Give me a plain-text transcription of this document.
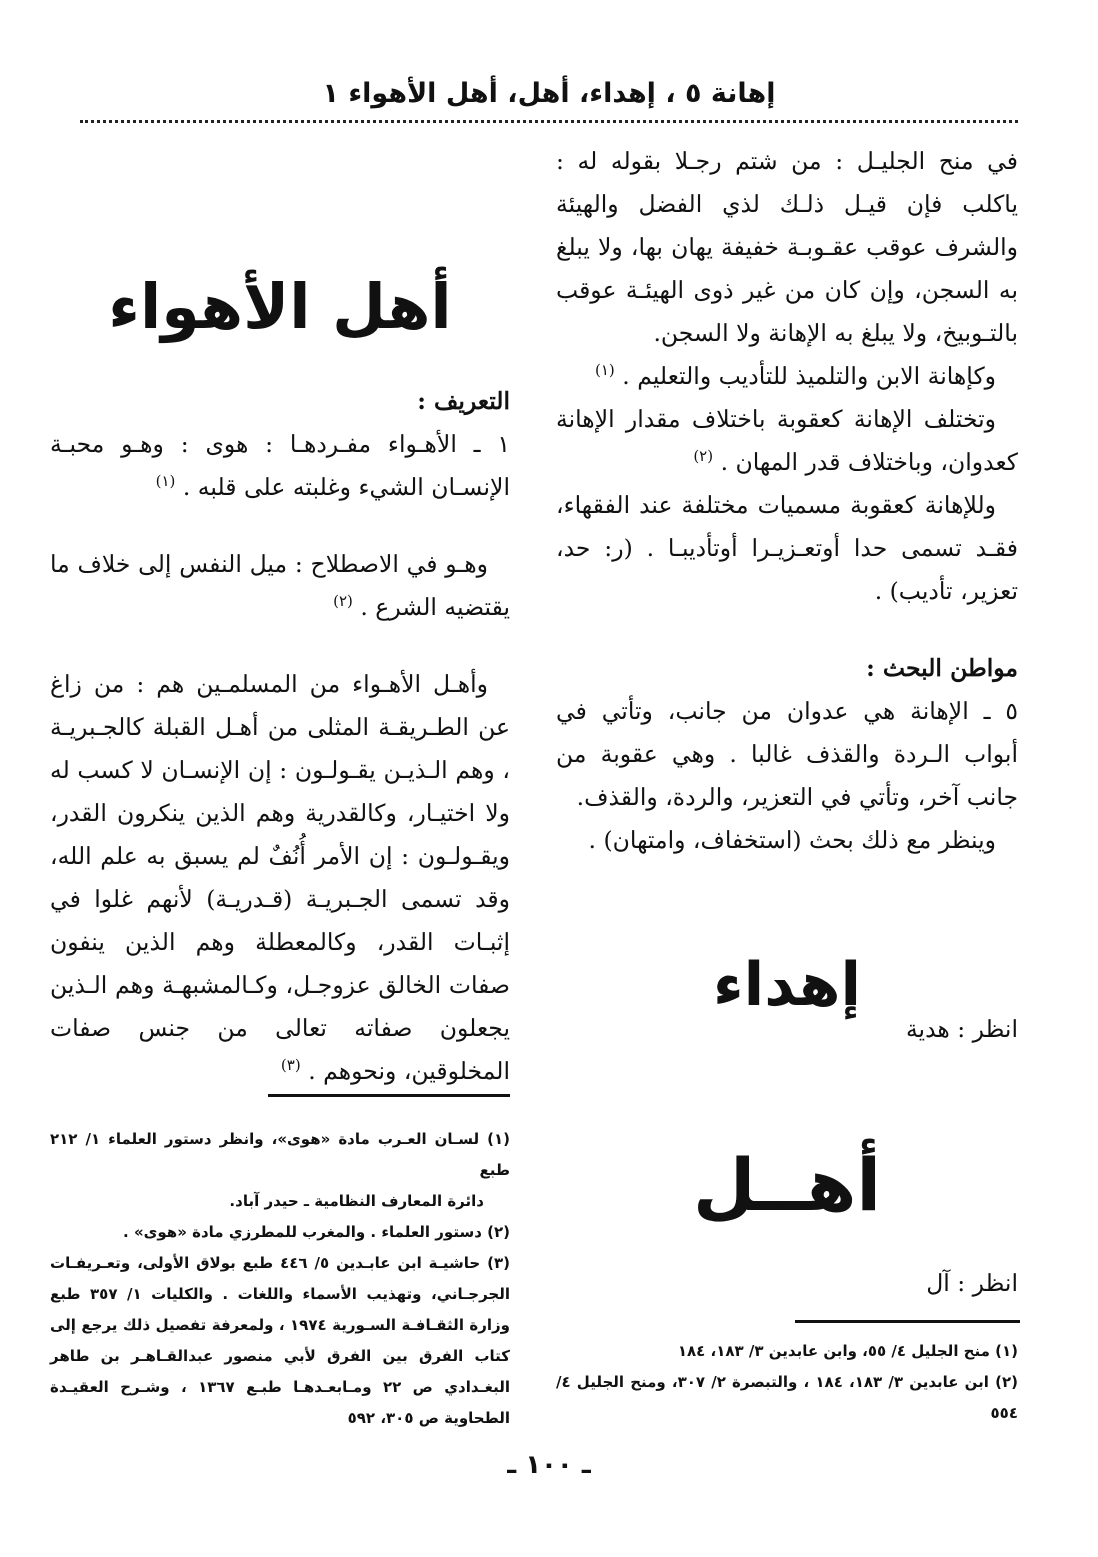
إهانة ٥ ، إهداء، أهل، أهل الأهواء ١

في منح الجليـل : من شتم رجـلا بقوله له : ياكلب فإن قيـل ذلـك لذي الفضل والهيئة والشرف عوقب عقـوبـة خفيفة يهان بها، ولا يبلغ به السجن، وإن كان من غير ذوى الهيئـة عوقب بالتـوبيخ، ولا يبلغ به الإهانة ولا السجن.

وكإهانة الابن والتلميذ للتأديب والتعليم . $^{(١)}$

وتختلف الإهانة كعقوبة باختلاف مقدار الإهانة كعدوان، وباختلاف قدر المهان . $^{(٢)}$

وللإهانة كعقوبة مسميات مختلفة عند الفقهاء، فقـد تسمى حدا أوتعـزيـرا أوتأديبـا . (ر: حد، تعزير، تأديب) .

مواطن البحث :

٥ ـ الإهانة هي عدوان من جانب، وتأتي في أبواب الـردة والقذف غالبا . وهي عقوبة من جانب آخر، وتأتي في التعزير، والردة، والقذف.

وينظر مع ذلك بحث (استخفاف، وامتهان) .

إهداء
انظر : هدية
أهــل
انظر : آل

(١) منح الجليل ٤/ ٥٥، وابن عابدين ٣/ ١٨٣، ١٨٤

(٢) ابن عابدين ٣/ ١٨٣، ١٨٤ ، والتبصرة ٢/ ٣٠٧، ومنح الجليل ٤/ ٥٥٤

أهل الأهواء

التعريف :

١ ـ الأهـواء مفـردهـا : هوى : وهـو محبـة الإنسـان الشيء وغلبته على قلبه . $^{(١)}$

وهـو في الاصطلاح : ميل النفس إلى خلاف ما يقتضيه الشرع . $^{(٢)}$

وأهـل الأهـواء من المسلمـين هم : من زاغ عن الطـريقـة المثلى من أهـل القبلة كالجـبريـة ، وهم الـذيـن يقـولـون : إن الإنسـان لا كسب له ولا اختيـار، وكالقدرية وهم الذين ينكرون القدر، ويقـولـون : إن الأمر أُنُفٌ لم يسبق به علم الله، وقد تسمى الجـبريـة (قـدريـة) لأنهم غلوا في إثبـات القدر، وكالمعطلة وهم الذين ينفون صفات الخالق عزوجـل، وكـالمشبهـة وهم الـذين يجعلون صفاته تعالى من جنس صفات المخلوقين، ونحوهم . $^{(٣)}$

(١) لسـان العـرب مادة «هوى»، وانظر دستور العلماء ١/ ٢١٢ طبع

دائرة المعارف النظامية ـ حيدر آباد.

(٢) دستور العلماء . والمغرب للمطرزي مادة «هوى» .

(٣) حاشيـة ابن عابـدين ٥/ ٤٤٦ طبع بولاق الأولى، وتعـريفـات الجرجـاني، وتهذيب الأسماء واللغات . والكليات ١/ ٣٥٧ طبع وزارة الثقـافـة السـورية ١٩٧٤ ، ولمعرفة تفصيل ذلك يرجع إلى كتاب الفرق بين الفرق لأبي منصور عبدالقـاهـر بن طاهر البغـدادي ص ٢٢ ومـابعـدهـا طبـع ١٣٦٧ ، وشـرح العقيـدة الطحاوية ص ٣٠٥، ٥٩٢

ـ ١٠٠ ـ
